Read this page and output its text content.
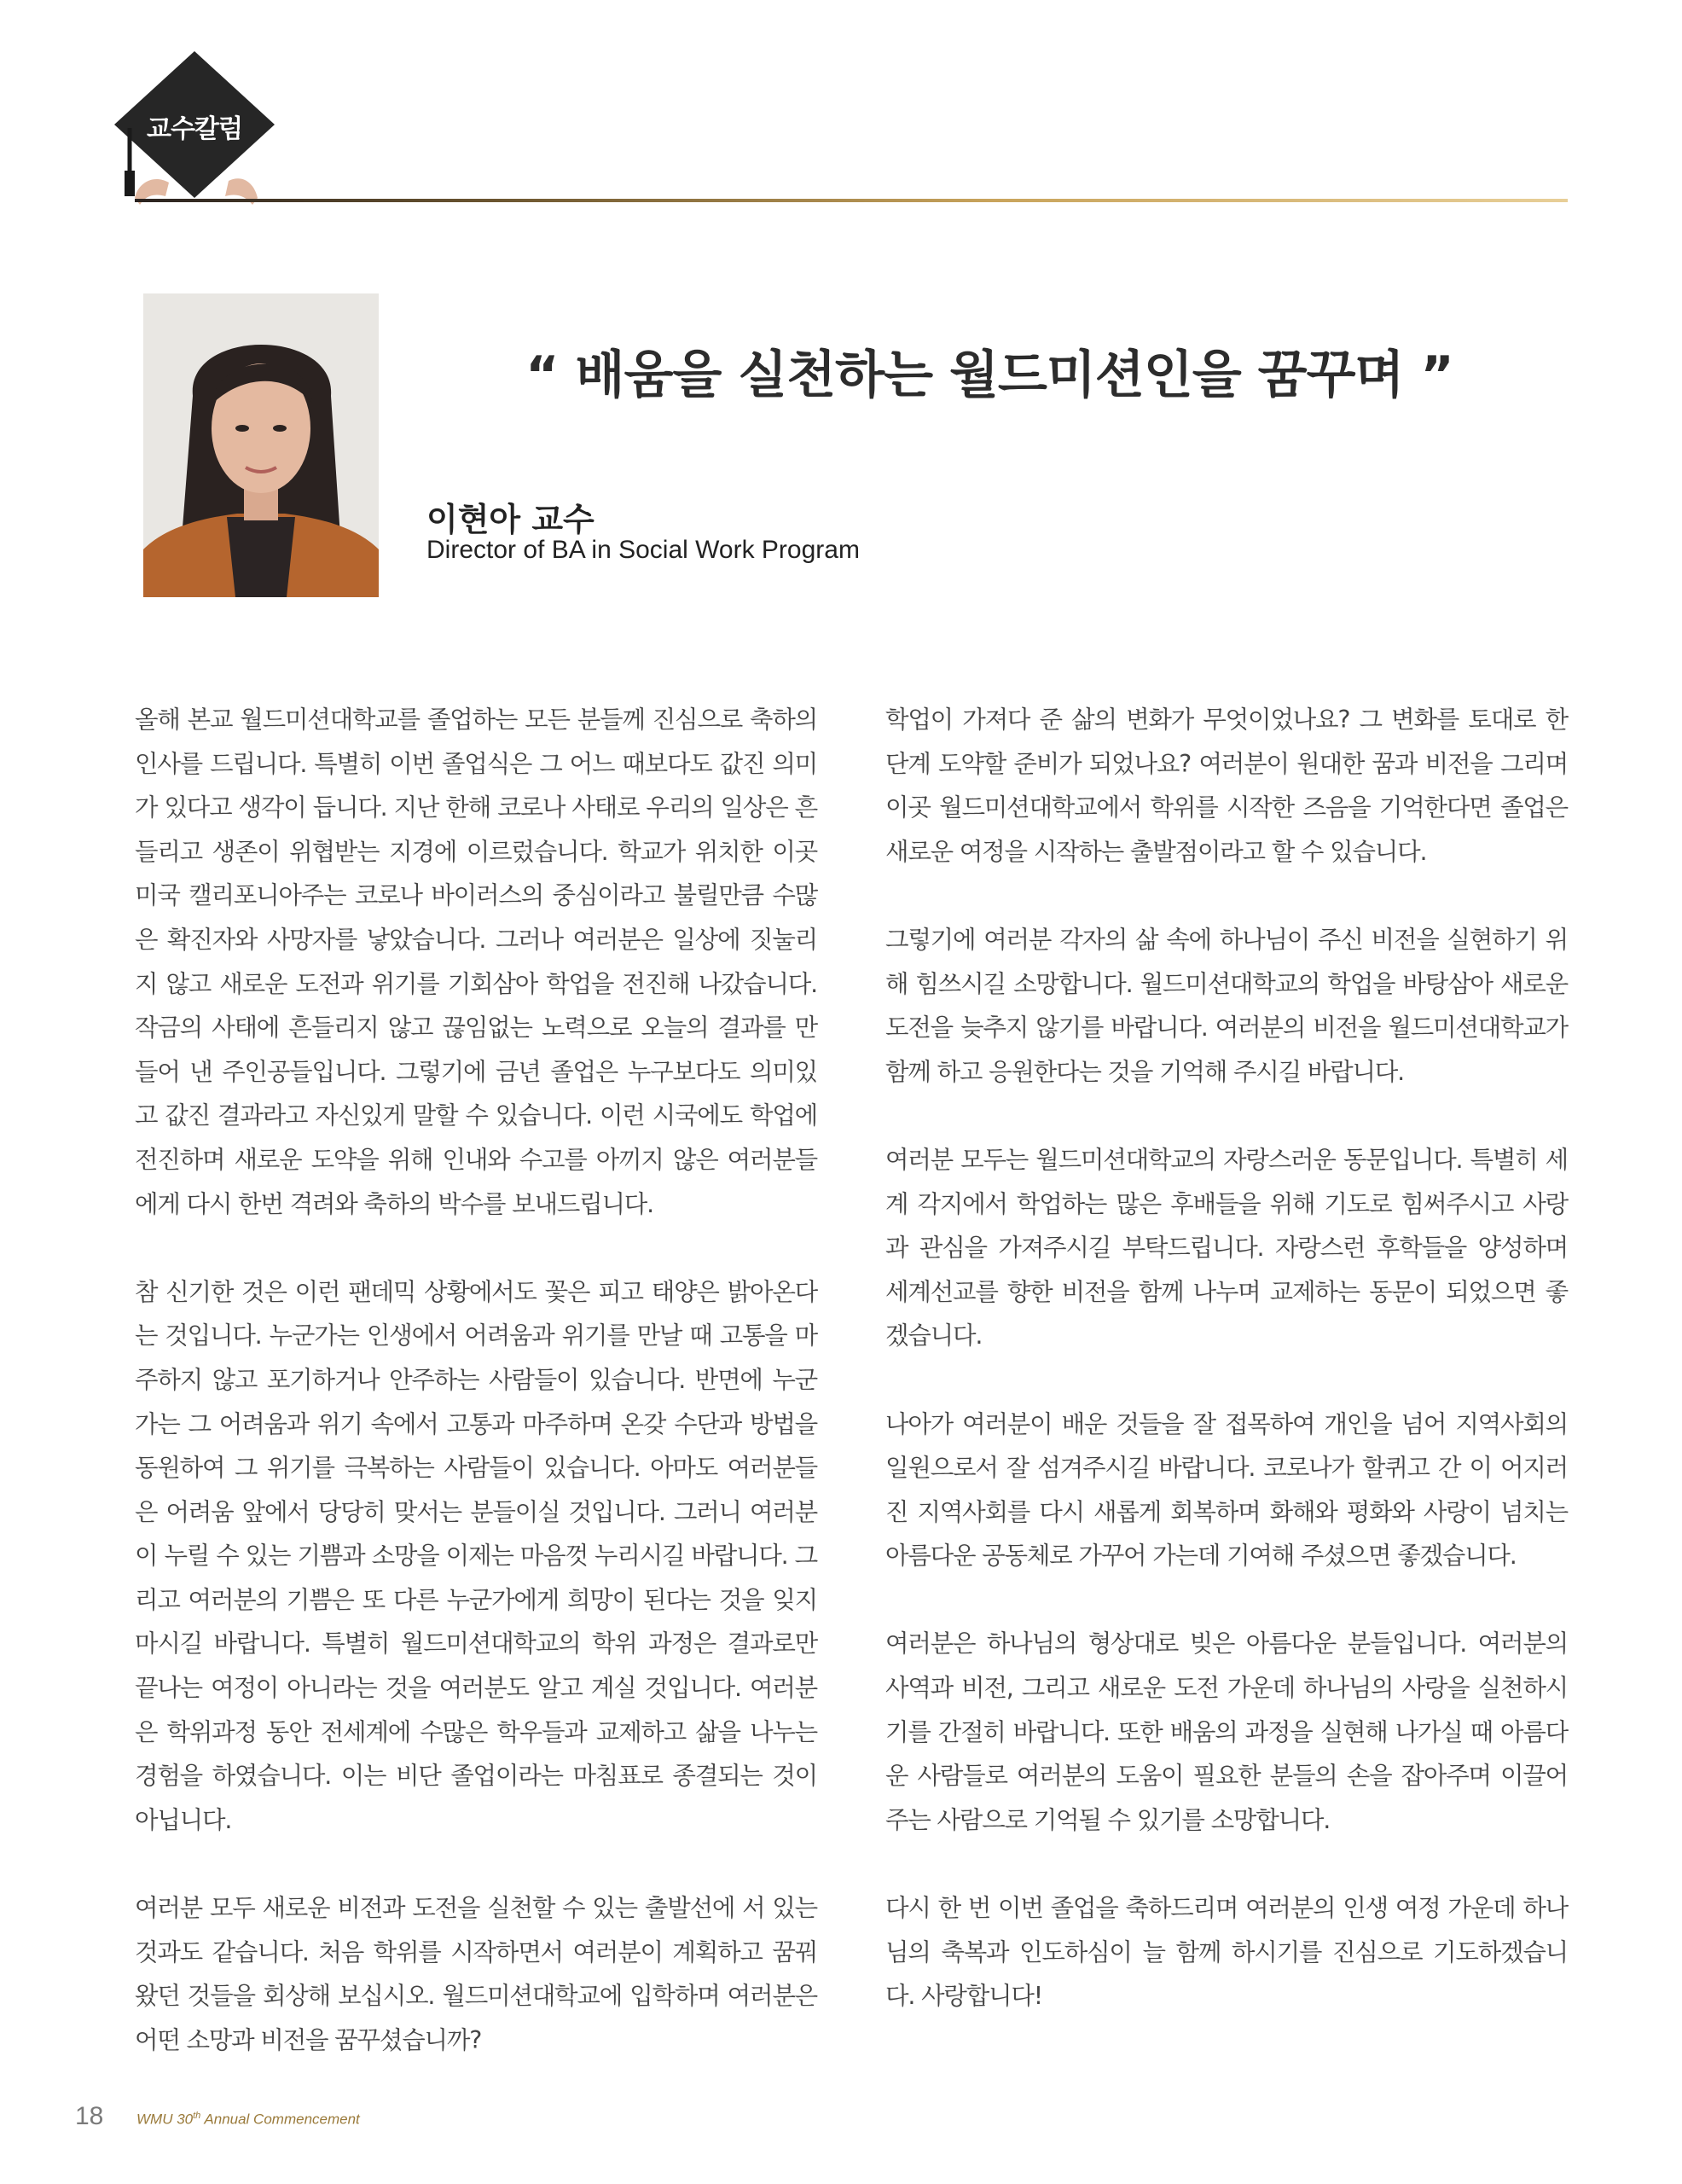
교수칼럼
“ 배움을 실천하는 월드미션인을 꿈꾸며 ”
이현아 교수
Director of BA in Social Work Program

올해 본교 월드미션대학교를 졸업하는 모든 분들께 진심으로 축하의 인사를 드립니다. 특별히 이번 졸업식은 그 어느 때보다도 값진 의미가 있다고 생각이 듭니다. 지난 한해 코로나 사태로 우리의 일상은 흔들리고 생존이 위협받는 지경에 이르렀습니다. 학교가 위치한 이곳 미국 캘리포니아주는 코로나 바이러스의 중심이라고 불릴만큼 수많은 확진자와 사망자를 낳았습니다. 그러나 여러분은 일상에 짓눌리지 않고 새로운 도전과 위기를 기회삼아 학업을 전진해 나갔습니다. 작금의 사태에 흔들리지 않고 끊임없는 노력으로 오늘의 결과를 만들어 낸 주인공들입니다. 그렇기에 금년 졸업은 누구보다도 의미있고 값진 결과라고 자신있게 말할 수 있습니다. 이런 시국에도 학업에 전진하며 새로운 도약을 위해 인내와 수고를 아끼지 않은 여러분들에게 다시 한번 격려와 축하의 박수를 보내드립니다.

참 신기한 것은 이런 팬데믹 상황에서도 꽃은 피고 태양은 밝아온다는 것입니다. 누군가는 인생에서 어려움과 위기를 만날 때 고통을 마주하지 않고 포기하거나 안주하는 사람들이 있습니다. 반면에 누군가는 그 어려움과 위기 속에서 고통과 마주하며 온갖 수단과 방법을 동원하여 그 위기를 극복하는 사람들이 있습니다. 아마도 여러분들은 어려움 앞에서 당당히 맞서는 분들이실 것입니다. 그러니 여러분이 누릴 수 있는 기쁨과 소망을 이제는 마음껏 누리시길 바랍니다. 그리고 여러분의 기쁨은 또 다른 누군가에게 희망이 된다는 것을 잊지 마시길 바랍니다. 특별히 월드미션대학교의 학위 과정은 결과로만 끝나는 여정이 아니라는 것을 여러분도 알고 계실 것입니다. 여러분은 학위과정 동안 전세계에 수많은 학우들과 교제하고 삶을 나누는 경험을 하였습니다. 이는 비단 졸업이라는 마침표로 종결되는 것이 아닙니다.

여러분 모두 새로운 비전과 도전을 실천할 수 있는 출발선에 서 있는 것과도 같습니다. 처음 학위를 시작하면서 여러분이 계획하고 꿈꿔왔던 것들을 회상해 보십시오. 월드미션대학교에 입학하며 여러분은 어떤 소망과 비전을 꿈꾸셨습니까?

학업이 가져다 준 삶의 변화가 무엇이었나요? 그 변화를 토대로 한 단계 도약할 준비가 되었나요? 여러분이 원대한 꿈과 비전을 그리며 이곳 월드미션대학교에서 학위를 시작한 즈음을 기억한다면 졸업은 새로운 여정을 시작하는 출발점이라고 할 수 있습니다.

그렇기에 여러분 각자의 삶 속에 하나님이 주신 비전을 실현하기 위해 힘쓰시길 소망합니다. 월드미션대학교의 학업을 바탕삼아 새로운 도전을 늦추지 않기를 바랍니다. 여러분의 비전을 월드미션대학교가 함께 하고 응원한다는 것을 기억해 주시길 바랍니다.

여러분 모두는 월드미션대학교의 자랑스러운 동문입니다. 특별히 세계 각지에서 학업하는 많은 후배들을 위해 기도로 힘써주시고 사랑과 관심을 가져주시길 부탁드립니다. 자랑스런 후학들을 양성하며 세계선교를 향한 비전을 함께 나누며 교제하는 동문이 되었으면 좋겠습니다.

나아가 여러분이 배운 것들을 잘 접목하여 개인을 넘어 지역사회의 일원으로서 잘 섬겨주시길 바랍니다. 코로나가 할퀴고 간 이 어지러진 지역사회를 다시 새롭게 회복하며 화해와 평화와 사랑이 넘치는 아름다운 공동체로 가꾸어 가는데 기여해 주셨으면 좋겠습니다.

여러분은 하나님의 형상대로 빚은 아름다운 분들입니다. 여러분의 사역과 비전, 그리고 새로운 도전 가운데 하나님의 사랑을 실천하시기를 간절히 바랍니다. 또한 배움의 과정을 실현해 나가실 때 아름다운 사람들로 여러분의 도움이 필요한 분들의 손을 잡아주며 이끌어 주는 사람으로 기억될 수 있기를 소망합니다.

다시 한 번 이번 졸업을 축하드리며 여러분의 인생 여정 가운데 하나님의 축복과 인도하심이 늘 함께 하시기를 진심으로 기도하겠습니다. 사랑합니다!

18 WMU 30th Annual Commencement
